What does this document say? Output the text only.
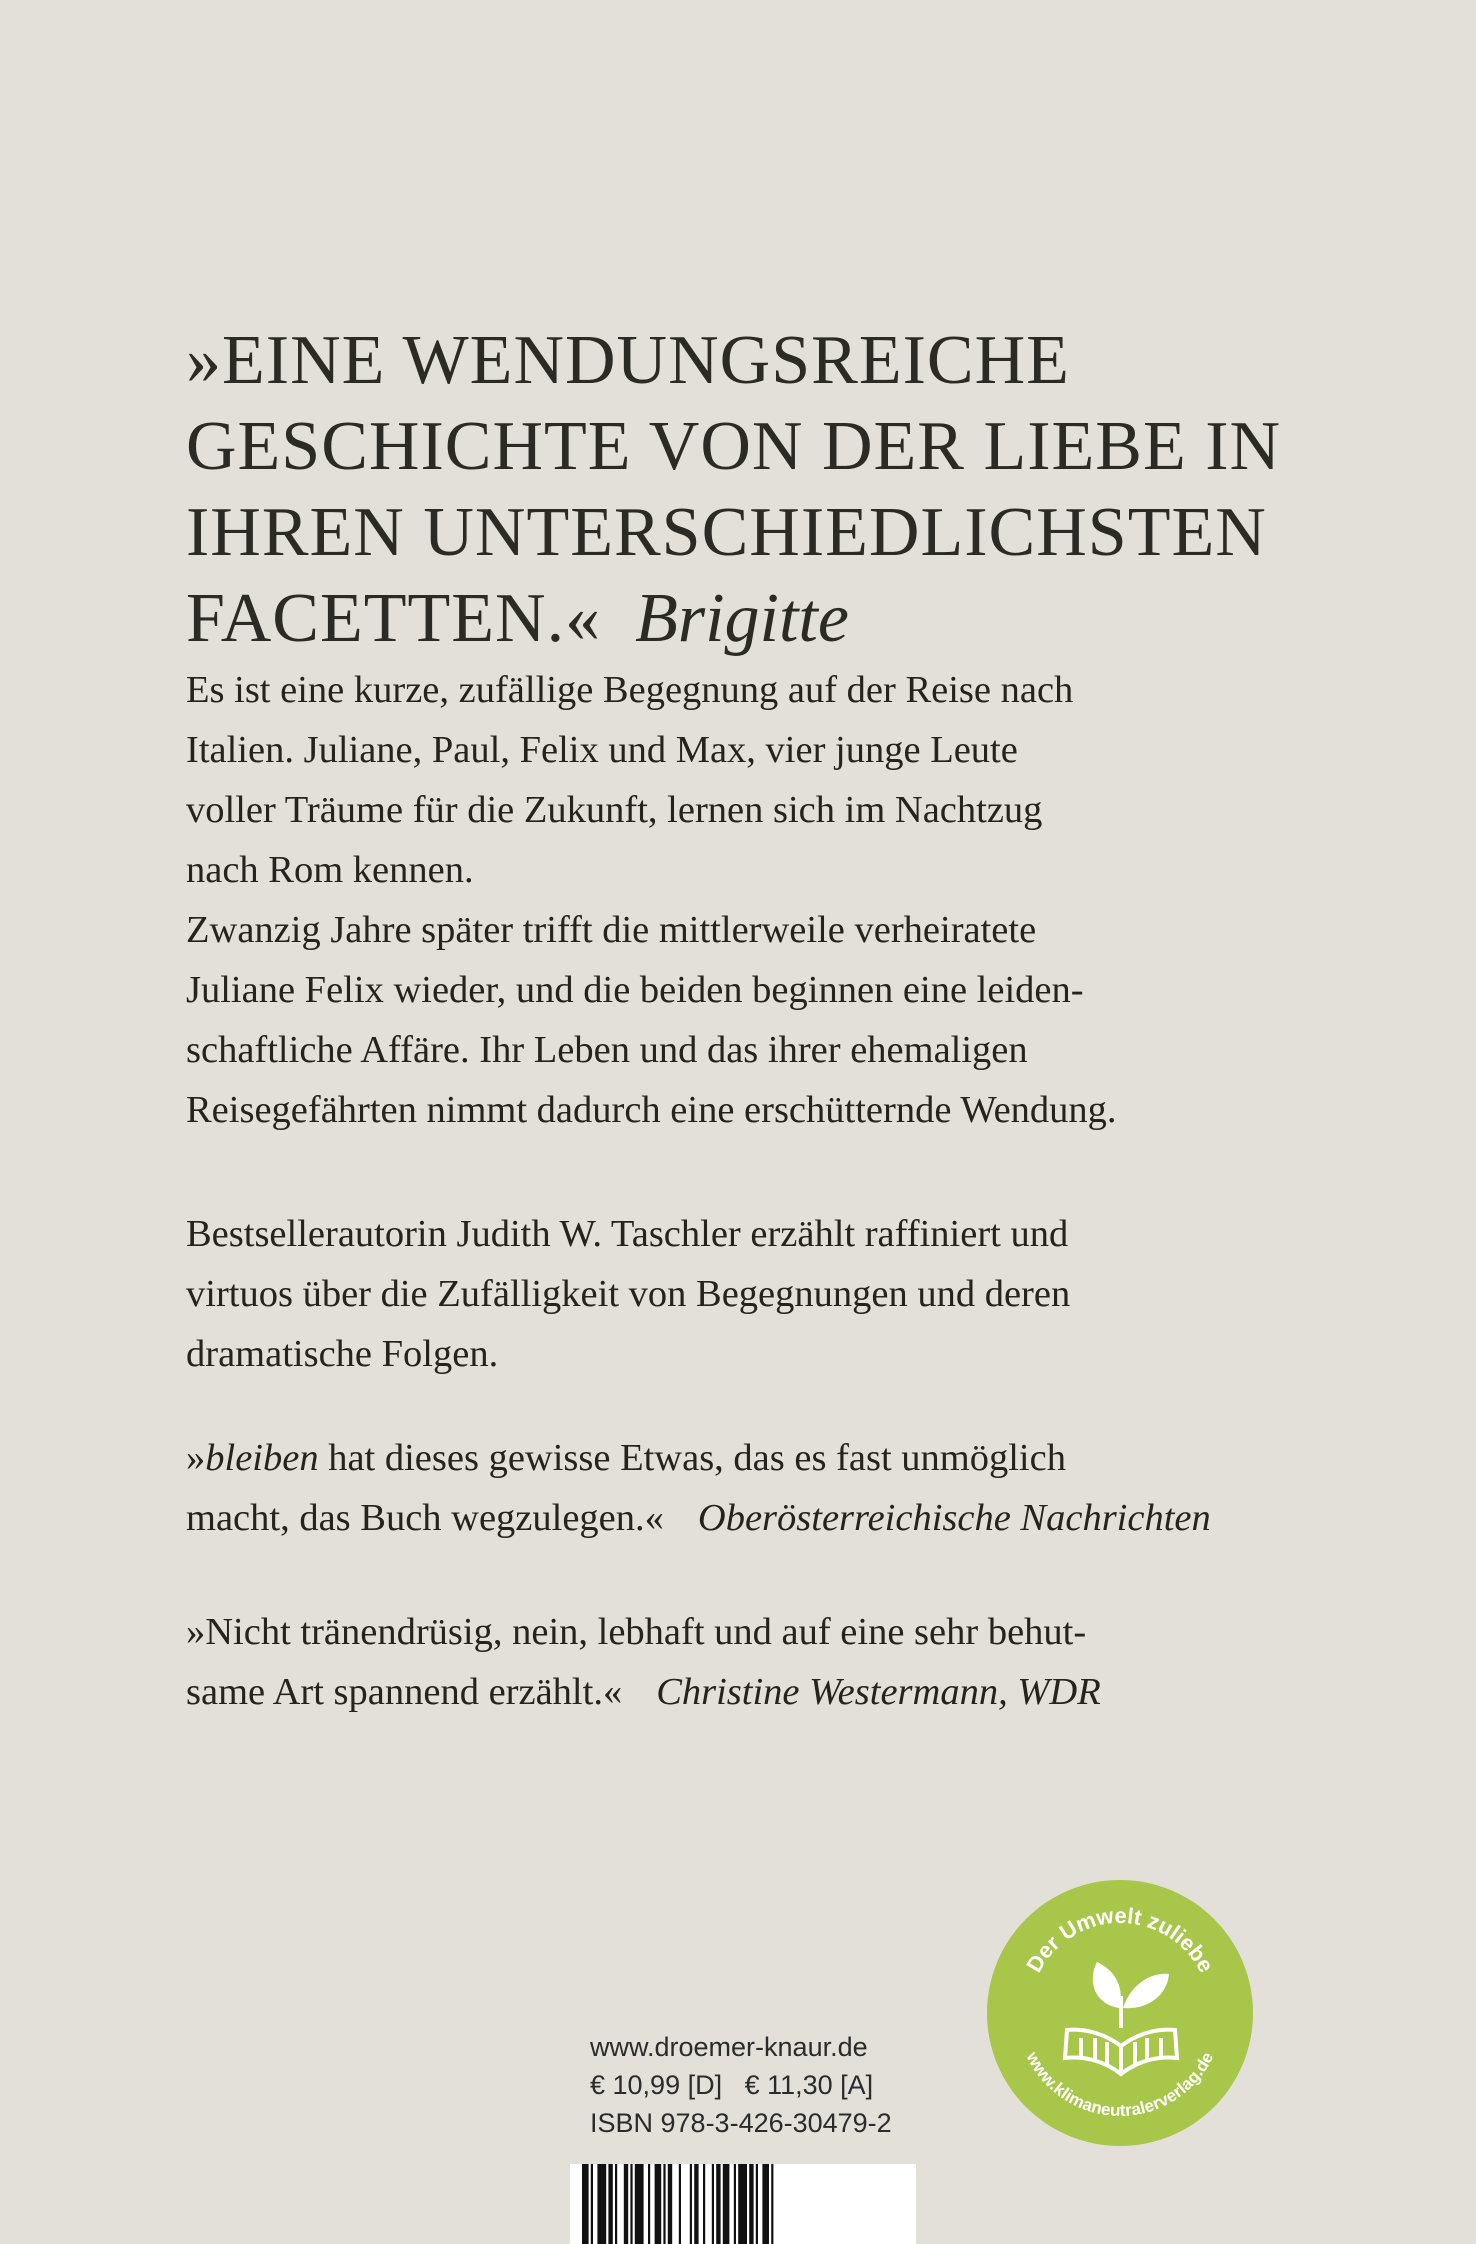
»EINE WENDUNGSREICHE
GESCHICHTE VON DER LIEBE IN
IHREN UNTERSCHIEDLICHSTEN
FACETTEN.« Brigitte
Es ist eine kurze, zufällige Begegnung auf der Reise nach
Italien. Juliane, Paul, Felix und Max, vier junge Leute
voller Träume für die Zukunft, lernen sich im Nachtzug
nach Rom kennen.
Zwanzig Jahre später trifft die mittlerweile verheiratete
Juliane Felix wieder, und die beiden beginnen eine leiden-
schaftliche Affäre. Ihr Leben und das ihrer ehemaligen
Reisegefährten nimmt dadurch eine erschütternde Wendung.
Bestsellerautorin Judith W. Taschler erzählt raffiniert und
virtuos über die Zufälligkeit von Begegnungen und deren
dramatische Folgen.
»bleiben hat dieses gewisse Etwas, das es fast unmöglich
macht, das Buch wegzulegen.« Oberösterreichische Nachrichten
»Nicht tränendrüsig, nein, lebhaft und auf eine sehr behut-
same Art spannend erzählt.« Christine Westermann, WDR
Der Umwelt zuliebe
www.klimaneutralerverlag.de
www.droemer-knaur.de
€ 10,99 [D]   € 11,30 [A]
ISBN 978-3-426-30479-2
